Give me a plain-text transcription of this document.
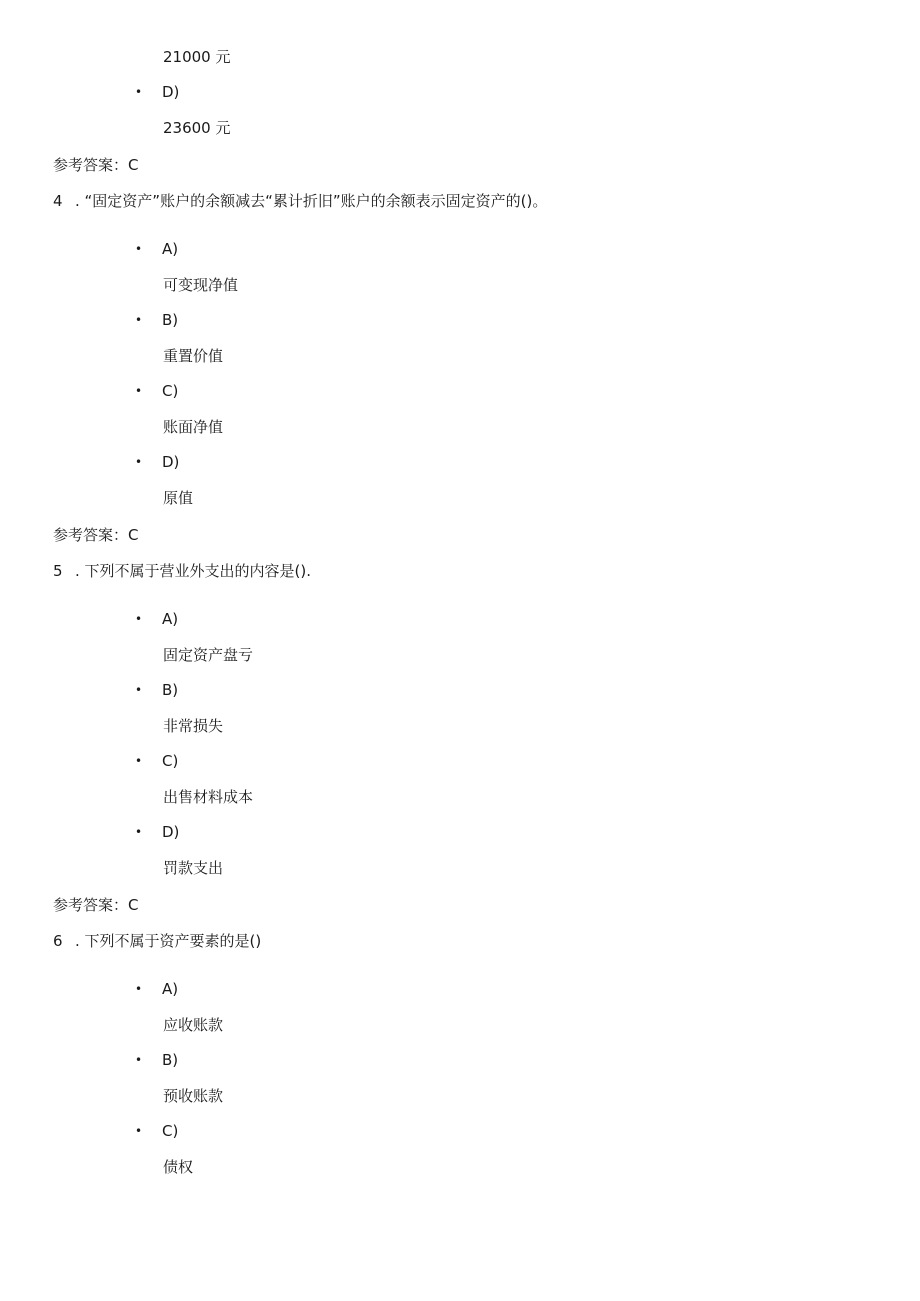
21000 元
• D)
23600 元
参考答案：C
4 . “固定资产”账户的余额减去“累计折旧”账户的余额表示固定资产的()。
• A)
可变现净值
• B)
重置价值
• C)
账面净值
• D)
原值
参考答案：C
5 . 下列不属于营业外支出的内容是().
• A)
固定资产盘亏
• B)
非常损失
• C)
出售材料成本
• D)
罚款支出
参考答案：C
6 . 下列不属于资产要素的是()
• A)
应收账款
• B)
预收账款
• C)
债权
